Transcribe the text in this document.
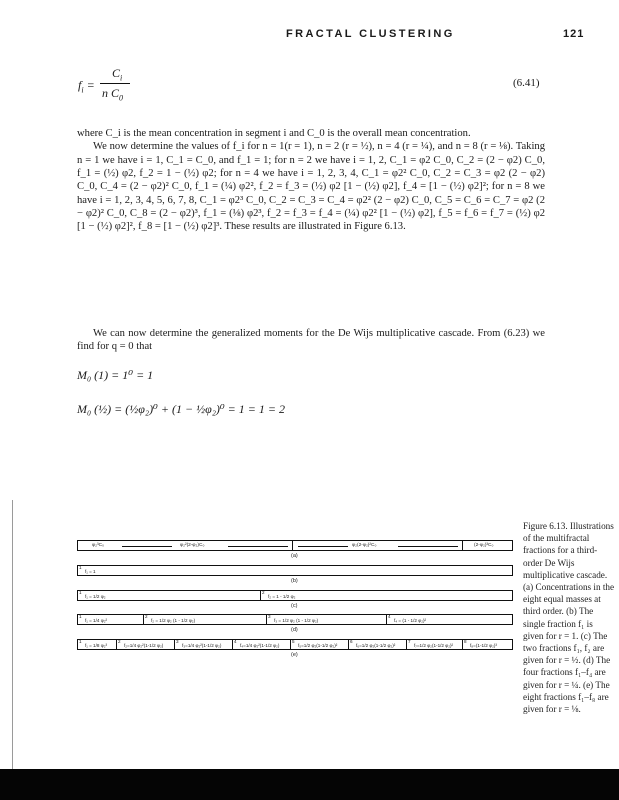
FRACTAL CLUSTERING	121
$f_i$ =
$C_i$
n $C_0$
(6.41)

where C_i is the mean concentration in segment i and C_0 is the overall mean concentration.

We now determine the values of f_i for n = 1(r = 1), n = 2 (r = ½), n = 4 (r = ¼), and n = 8 (r = ⅛). Taking n = 1 we have i = 1, C_1 = C_0, and f_1 = 1; for n = 2 we have i = 1, 2, C_1 = φ2 C_0, C_2 = (2 − φ2) C_0, f_1 = (½) φ2, f_2 = 1 − (½) φ2; for n = 4 we have i = 1, 2, 3, 4, C_1 = φ2² C_0, C_2 = C_3 = φ2 (2 − φ2) C_0, C_4 = (2 − φ2)² C_0, f_1 = (¼) φ2², f_2 = f_3 = (½) φ2 [1 − (½) φ2], f_4 = [1 − (½) φ2]²; for n = 8 we have i = 1, 2, 3, 4, 5, 6, 7, 8, C_1 = φ2³ C_0, C_2 = C_3 = C_4 = φ2² (2 − φ2) C_0, C_5 = C_6 = C_7 = φ2 (2 − φ2)² C_0, C_8 = (2 − φ2)³, f_1 = (⅛) φ2³, f_2 = f_3 = f_4 = (¼) φ2² [1 − (½) φ2], f_5 = f_6 = f_7 = (½) φ2 [1 − (½) φ2]², f_8 = [1 − (½) φ2]³. These results are illustrated in Figure 6.13.

We can now determine the generalized moments for the De Wijs multiplicative cascade. From (6.23) we find for q = 0 that

M₀ (1) = 1⁰ = 1
M₀ (½) = (½φ₂)⁰ + (1 − ½φ₂)⁰ = 1 = 1 = 2
φ₂³C₀	φ₂²(2-φ₂)C₀	φ₂(2-φ₂)²C₀	(2-φ₂)³C₀
(a)
1
f₁ = 1
(b)
1
f₁ = 1/2 φ₂
2
f₂ = 1 - 1/2 φ₂
(c)
1
f₁ = 1/4 φ₂²
2
f₂ = 1/2 φ₂ (1 - 1/2 φ₂)
3
f₃ = 1/2 φ₂ (1 - 1/2 φ₂)
4
f₄ = (1 - 1/2 φ₂)²
(d)
1
f₁ = 1/8 φ₂³
2
f₂=1/4 φ₂²(1-1/2 φ₂)
3
f₃=1/4 φ₂²(1-1/2 φ₂)
4
f₄=1/4 φ₂²(1-1/2 φ₂)
5
f₅=1/2 φ₂(1-1/2 φ₂)²
6
f₆=1/2 φ₂(1-1/2 φ₂)²
7
f₇=1/2 φ₂(1-1/2 φ₂)²
8
f₈=(1-1/2 φ₂)³
(e)
Figure 6.13. Illustrations of the multifractal fractions for a third-order De Wijs multiplicative cascade. (a) Concentrations in the eight equal masses at third order. (b) The single fraction f₁ is given for r = 1. (c) The two fractions f₁, f₂ are given for r = ½. (d) The four fractions f₁–f₄ are given for r = ¼. (e) The eight fractions f₁–f₈ are given for r = ⅛.
